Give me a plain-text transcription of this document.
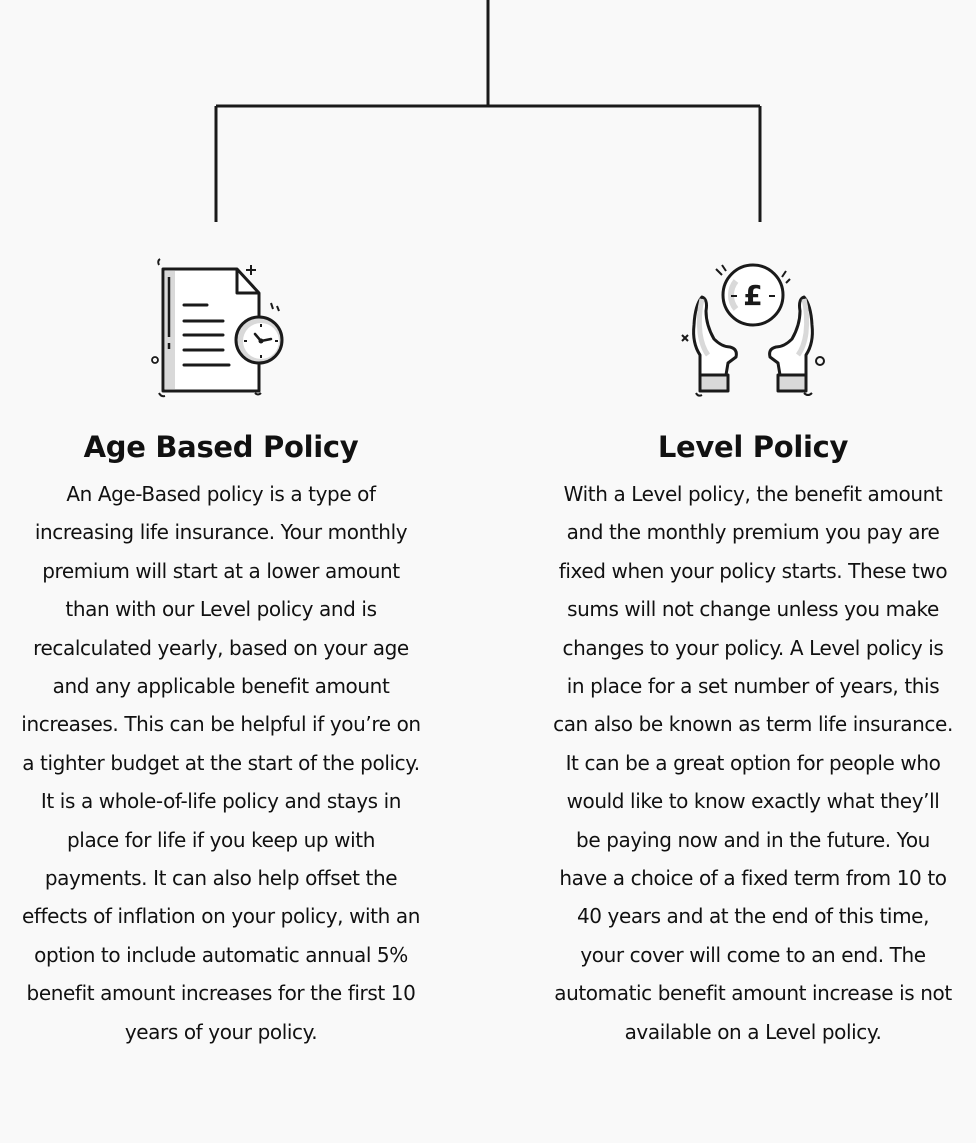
Age Based Policy

An Age-Based policy is a type of increasing life insurance. Your monthly premium will start at a lower amount than with our Level policy and is recalculated yearly, based on your age and any applicable benefit amount increases. This can be helpful if you’re on a tighter budget at the start of the policy. It is a whole-of-life policy and stays in place for life if you keep up with payments. It can also help offset the effects of inflation on your policy, with an option to include automatic annual 5% benefit amount increases for the first 10 years of your policy.

£
Level Policy

With a Level policy, the benefit amount and the monthly premium you pay are fixed when your policy starts. These two sums will not change unless you make changes to your policy. A Level policy is in place for a set number of years, this can also be known as term life insurance. It can be a great option for people who would like to know exactly what they’ll be paying now and in the future. You have a choice of a fixed term from 10 to 40 years and at the end of this time, your cover will come to an end. The automatic benefit amount increase is not available on a Level policy.
